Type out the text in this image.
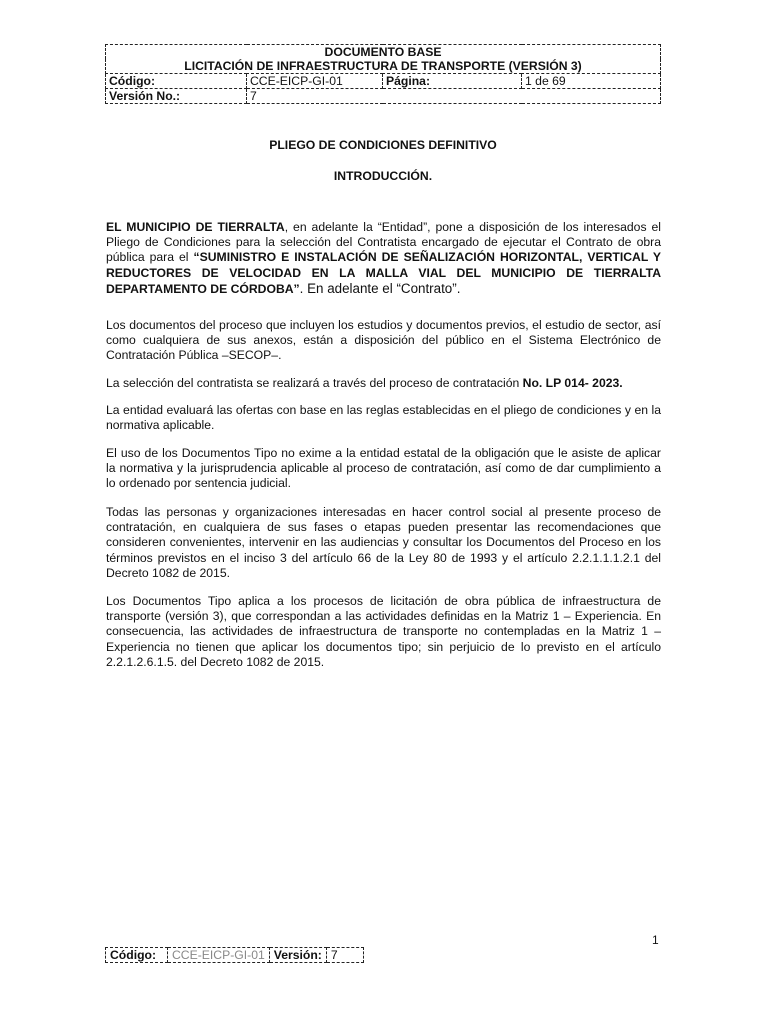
DOCUMENTO BASE			
LICITACIÓN DE INFRAESTRUCTURA DE TRANSPORTE (VERSIÓN 3)			
Código:	CCE-EICP-GI-01	Página:	1 de 69
Versión No.:	7		
PLIEGO DE CONDICIONES DEFINITIVO
INTRODUCCIÓN.
EL MUNICIPIO DE TIERRALTA, en adelante la “Entidad”, pone a disposición de los interesados el Pliego de Condiciones para la selección del Contratista encargado de ejecutar el Contrato de obra pública para el “SUMINISTRO E INSTALACIÓN DE SEÑALIZACIÓN HORIZONTAL, VERTICAL Y REDUCTORES DE VELOCIDAD EN LA MALLA VIAL DEL MUNICIPIO DE TIERRALTA DEPARTAMENTO DE CÓRDOBA”. En adelante el “Contrato”.
Los documentos del proceso que incluyen los estudios y documentos previos, el estudio de sector, así como cualquiera de sus anexos, están a disposición del público en el Sistema Electrónico de Contratación Pública –SECOP–.
La selección del contratista se realizará a través del proceso de contratación No. LP 014- 2023.
La entidad evaluará las ofertas con base en las reglas establecidas en el pliego de condiciones y en la normativa aplicable.
El uso de los Documentos Tipo no exime a la entidad estatal de la obligación que le asiste de aplicar la normativa y la jurisprudencia aplicable al proceso de contratación, así como de dar cumplimiento a lo ordenado por sentencia judicial.
Todas las personas y organizaciones interesadas en hacer control social al presente proceso de contratación, en cualquiera de sus fases o etapas pueden presentar las recomendaciones que consideren convenientes, intervenir en las audiencias y consultar los Documentos del Proceso en los términos previstos en el inciso 3 del artículo 66 de la Ley 80 de 1993 y el artículo 2.2.1.1.1.2.1 del Decreto 1082 de 2015.
Los Documentos Tipo aplica a los procesos de licitación de obra pública de infraestructura de transporte (versión 3), que correspondan a las actividades definidas en la Matriz 1 – Experiencia. En consecuencia, las actividades de infraestructura de transporte no contempladas en la Matriz 1 – Experiencia no tienen que aplicar los documentos tipo; sin perjuicio de lo previsto en el artículo 2.2.1.2.6.1.5. del Decreto 1082 de 2015.
1
Código:	CCE-EICP-GI-01	Versión:	7
